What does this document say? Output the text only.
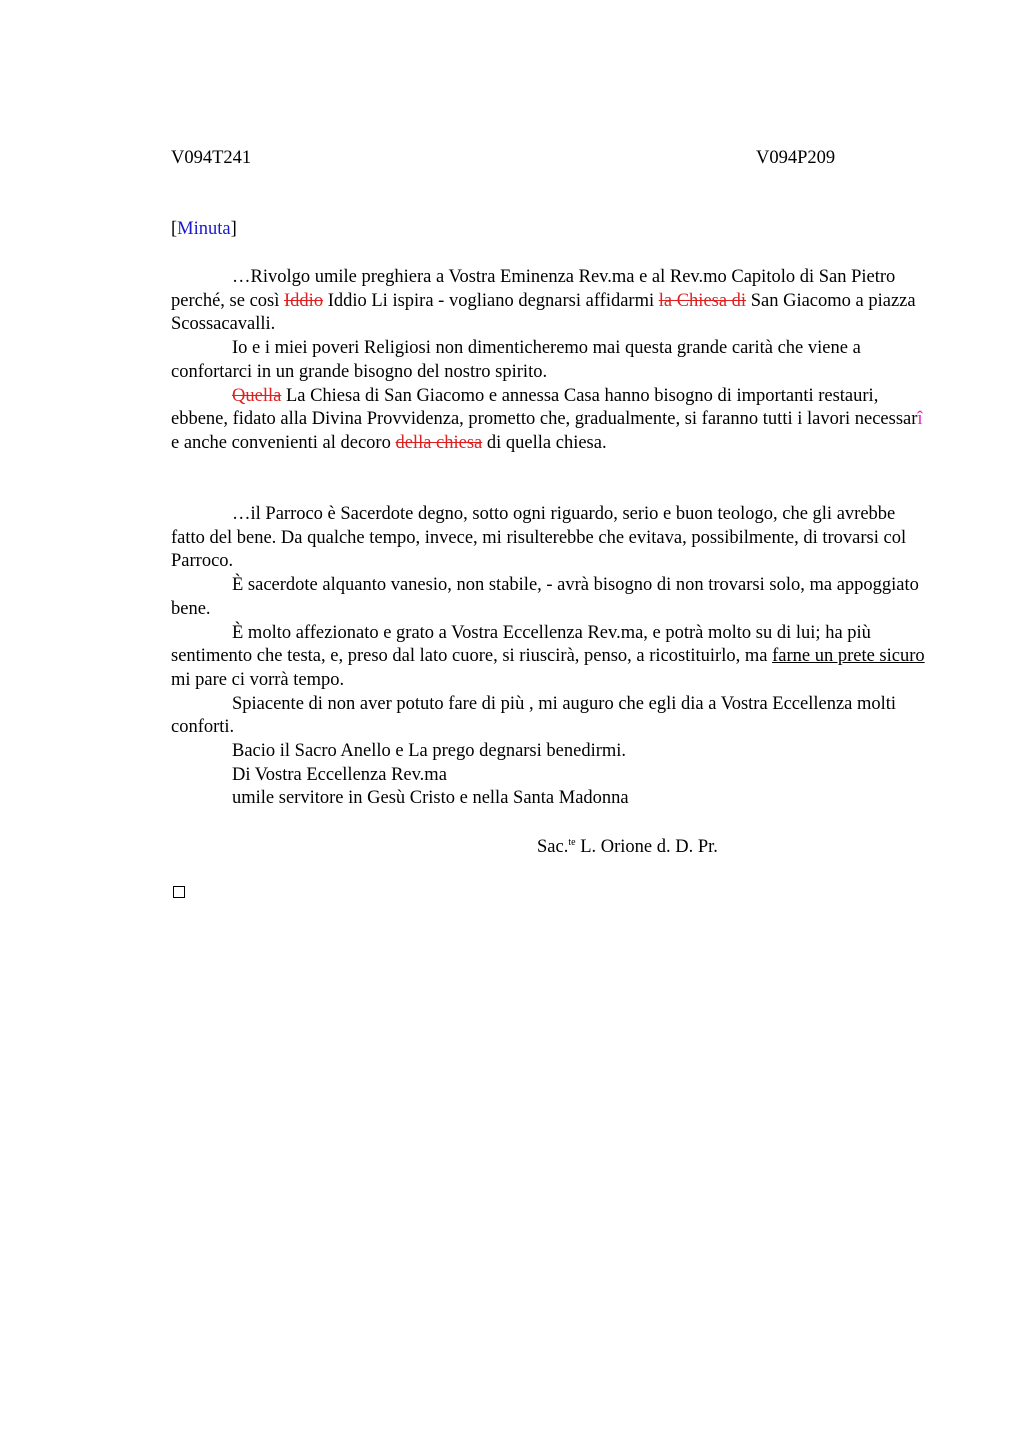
V094T241	V094P209
[Minuta]

…Rivolgo umile preghiera a Vostra Eminenza Rev.ma e al Rev.mo Capitolo di San Pietro perché, se così Iddio Iddio Li ispira - vogliano degnarsi affidarmi la Chiesa di San Giacomo a piazza Scossacavalli.

Io e i miei poveri Religiosi non dimenticheremo mai questa grande carità che viene a confortarci in un grande bisogno del nostro spirito.

Quella La Chiesa di San Giacomo e annessa Casa hanno bisogno di importanti restauri, ebbene, fidato alla Divina Provvidenza, prometto che, gradualmente, si faranno tutti i lavori necessarî e anche convenienti al decoro della chiesa di quella chiesa.

…il Parroco è Sacerdote degno, sotto ogni riguardo, serio e buon teologo, che gli avrebbe fatto del bene. Da qualche tempo, invece, mi risulterebbe che evitava, possibilmente, di trovarsi col Parroco.

È sacerdote alquanto vanesio, non stabile, - avrà bisogno di non trovarsi solo, ma appoggiato bene.

È molto affezionato e grato a Vostra Eccellenza Rev.ma, e potrà molto su di lui; ha più sentimento che testa, e, preso dal lato cuore, si riuscirà, penso, a ricostituirlo, ma farne un prete sicuro mi pare ci vorrà tempo.

Spiacente di non aver potuto fare di più , mi auguro che egli dia a Vostra Eccellenza molti conforti.

Bacio il Sacro Anello e La prego degnarsi benedirmi.
Di Vostra Eccellenza Rev.ma
umile servitore in Gesù Cristo e nella Santa Madonna
Sac.$^{te}$ L. Orione d. D. Pr.
